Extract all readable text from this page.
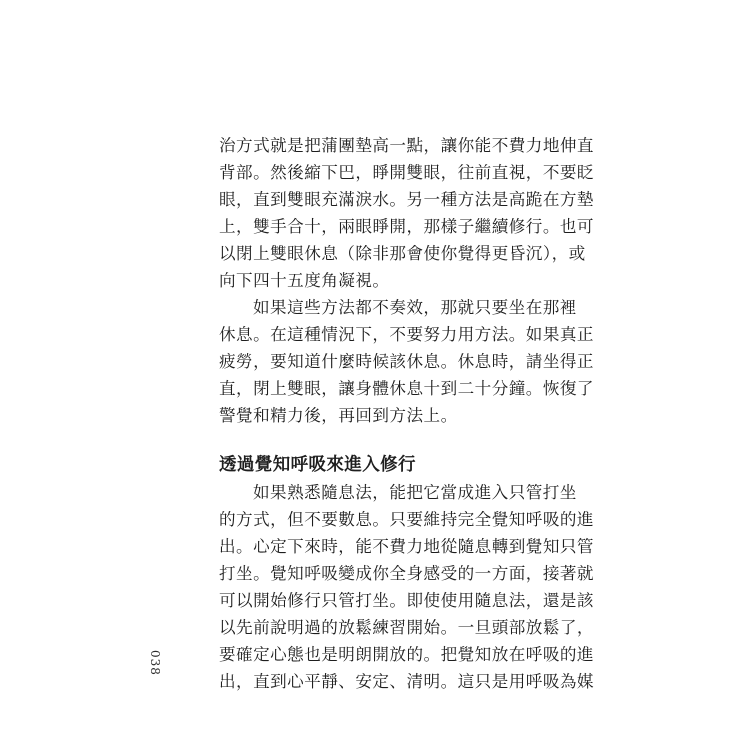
治方式就是把蒲團墊高一點，讓你能不費力地伸直
背部。然後縮下巴，睜開雙眼，往前直視，不要眨
眼，直到雙眼充滿淚水。另一種方法是高跪在方墊
上，雙手合十，兩眼睜開，那樣子繼續修行。也可
以閉上雙眼休息（除非那會使你覺得更昏沉），或
向下四十五度角凝視。
如果這些方法都不奏效，那就只要坐在那裡
休息。在這種情況下，不要努力用方法。如果真正
疲勞，要知道什麼時候該休息。休息時，請坐得正
直，閉上雙眼，讓身體休息十到二十分鐘。恢復了
警覺和精力後，再回到方法上。
透過覺知呼吸來進入修行
如果熟悉隨息法，能把它當成進入只管打坐
的方式，但不要數息。只要維持完全覺知呼吸的進
出。心定下來時，能不費力地從隨息轉到覺知只管
打坐。覺知呼吸變成你全身感受的一方面，接著就
可以開始修行只管打坐。即使使用隨息法，還是該
以先前說明過的放鬆練習開始。一旦頭部放鬆了，
要確定心態也是明朗開放的。把覺知放在呼吸的進
出，直到心平靜、安定、清明。這只是用呼吸為媒
038
